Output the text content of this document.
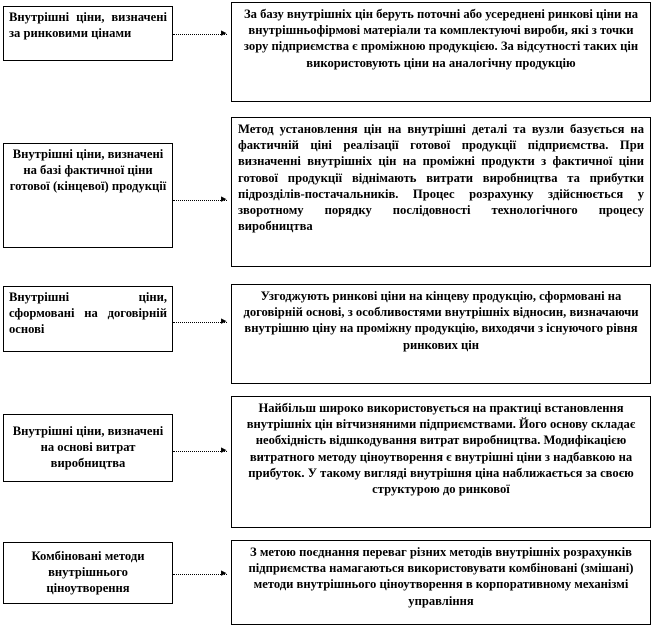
Внутрішні ціни, визначені за ринковими цінами	▸
За базу внутрішніх цін беруть поточні або усереднені ринкові ціни на внутрішньофірмові матеріали та комплектуючі вироби, які з точки зору підприємства є проміжною продукцією. За відсутності таких цін використовують ціни на аналогічну продукцію
Внутрішні ціни, визначені на базі фактичної ціни готової (кінцевої) продукції
▸
Метод установлення цін на внутрішні деталі та вузли базується на фактичній ціні реалізації готової продукції підприємства. При визначенні внутрішніх цін на проміжні продукти з фактичної ціни готової продукції віднімають витрати виробництва та прибутки підрозділів-постачальників. Процес розрахунку здійснюється у зворотному порядку послідовності технологічного процесу виробництва
Внутрішні ціни, сформовані на договірній основі
▸
Узгоджують ринкові ціни на кінцеву продукцію, сформовані на договірній основі, з особливостями внутрішніх відносин, визначаючи внутрішню ціну на проміжну продукцію, виходячи з існуючого рівня ринкових цін
Внутрішні ціни, визначені на основі витрат виробництва
▸
Найбільш широко використовується на практиці встановлення внутрішніх цін вітчизняними підприємствами. Його основу складає необхідність відшкодування витрат виробництва. Модифікацією витратного методу ціноутворення є внутрішні ціни з надбавкою на прибуток. У такому вигляді внутрішня ціна наближається за своєю структурою до ринкової
Комбіновані методи внутрішнього ціноутворення
▸
З метою поєднання переваг різних методів внутрішніх розрахунків підприємства намагаються використовувати комбіновані (змішані) методи внутрішнього ціноутворення в корпоративному механізмі управління
